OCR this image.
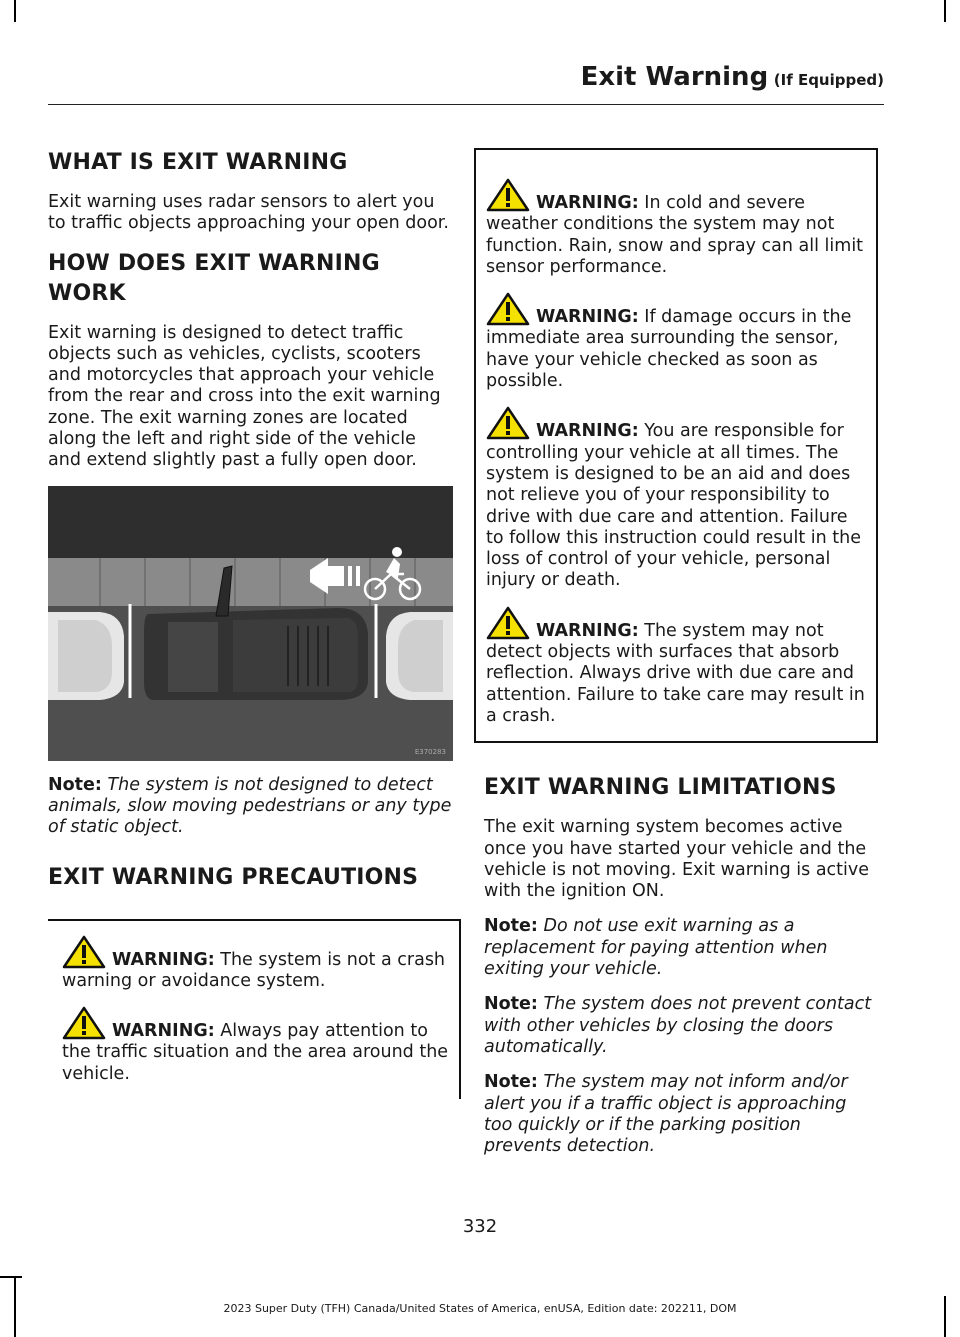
Exit Warning (If Equipped)
WHAT IS EXIT WARNING

Exit warning uses radar sensors to alert you to traffic objects approaching your open door.

HOW DOES EXIT WARNING WORK

Exit warning is designed to detect traffic objects such as vehicles, cyclists, scooters and motorcycles that approach your vehicle from the rear and cross into the exit warning zone. The exit warning zones are located along the left and right side of the vehicle and extend slightly past a fully open door.

E370283

Note: The system is not designed to detect animals, slow moving pedestrians or any type of static object.

EXIT WARNING PRECAUTIONS

WARNING: The system is not a crash warning or avoidance system.

WARNING: Always pay attention to the traffic situation and the area around the vehicle.

WARNING: In cold and severe weather conditions the system may not function. Rain, snow and spray can all limit sensor performance.

WARNING: If damage occurs in the immediate area surrounding the sensor, have your vehicle checked as soon as possible.

WARNING: You are responsible for controlling your vehicle at all times. The system is designed to be an aid and does not relieve you of your responsibility to drive with due care and attention. Failure to follow this instruction could result in the loss of control of your vehicle, personal injury or death.

WARNING: The system may not detect objects with surfaces that absorb reflection. Always drive with due care and attention. Failure to take care may result in a crash.

EXIT WARNING LIMITATIONS

The exit warning system becomes active once you have started your vehicle and the vehicle is not moving. Exit warning is active with the ignition ON.

Note: Do not use exit warning as a replacement for paying attention when exiting your vehicle.

Note: The system does not prevent contact with other vehicles by closing the doors automatically.

Note: The system may not inform and/or alert you if a traffic object is approaching too quickly or if the parking position prevents detection.

332
2023 Super Duty (TFH) Canada/United States of America, enUSA, Edition date: 202211, DOM
